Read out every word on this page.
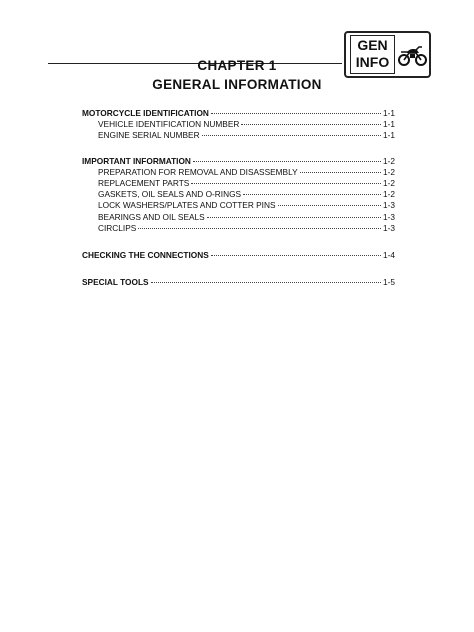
GEN
INFO
CHAPTER 1
GENERAL INFORMATION
MOTORCYCLE IDENTIFICATION	1-1
VEHICLE IDENTIFICATION NUMBER	1-1
ENGINE SERIAL NUMBER	1-1
IMPORTANT INFORMATION	1-2
PREPARATION FOR REMOVAL AND DISASSEMBLY	1-2
REPLACEMENT PARTS	1-2
GASKETS, OIL SEALS AND O-RINGS	1-2
LOCK WASHERS/PLATES AND COTTER PINS	1-3
BEARINGS AND OIL SEALS	1-3
CIRCLIPS	1-3
CHECKING THE CONNECTIONS	1-4
SPECIAL TOOLS	1-5
